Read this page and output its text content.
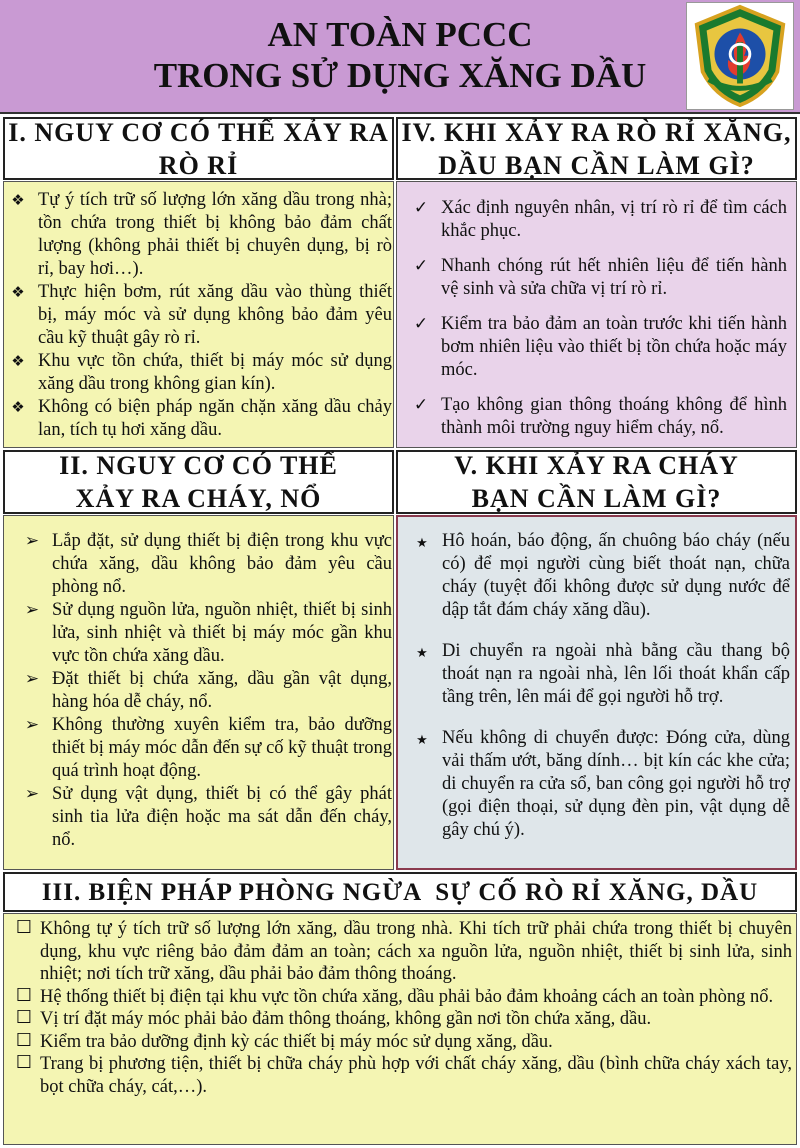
AN TOÀN PCCC
TRONG SỬ DỤNG XĂNG DẦU
I. NGUY CƠ CÓ THỂ XẢY RA
RÒ RỈ
❖ Tự ý tích trữ số lượng lớn xăng dầu trong nhà; tồn chứa trong thiết bị không bảo đảm chất lượng (không phải thiết bị chuyên dụng, bị rò rỉ, bay hơi…).
❖ Thực hiện bơm, rút xăng dầu vào thùng thiết bị, máy móc và sử dụng không bảo đảm yêu cầu kỹ thuật gây rò rỉ.
❖ Khu vực tồn chứa, thiết bị máy móc sử dụng xăng dầu trong không gian kín).
❖ Không có biện pháp ngăn chặn xăng dầu chảy lan, tích tụ hơi xăng dầu.
IV. KHI XẢY RA RÒ RỈ XĂNG,
DẦU BẠN CẦN LÀM GÌ?
✓ Xác định nguyên nhân, vị trí rò rỉ để tìm cách khắc phục.
✓ Nhanh chóng rút hết nhiên liệu để tiến hành vệ sinh và sửa chữa vị trí rò rỉ.
✓ Kiểm tra bảo đảm an toàn trước khi tiến hành bơm nhiên liệu vào thiết bị tồn chứa hoặc máy móc.
✓ Tạo không gian thông thoáng không để hình thành môi trường nguy hiểm cháy, nổ.
II. NGUY CƠ CÓ THỂ
XẢY RA CHÁY, NỔ
➢ Lắp đặt, sử dụng thiết bị điện trong khu vực chứa xăng, dầu không bảo đảm yêu cầu phòng nổ.
➢ Sử dụng nguồn lửa, nguồn nhiệt, thiết bị sinh lửa, sinh nhiệt và thiết bị máy móc gần khu vực tồn chứa xăng dầu.
➢ Đặt thiết bị chứa xăng, dầu gần vật dụng, hàng hóa dễ cháy, nổ.
➢ Không thường xuyên kiểm tra, bảo dưỡng thiết bị máy móc dẫn đến sự cố kỹ thuật trong quá trình hoạt động.
➢ Sử dụng vật dụng, thiết bị có thể gây phát sinh tia lửa điện hoặc ma sát dẫn đến cháy, nổ.
V. KHI XẢY RA CHÁY
BẠN CẦN LÀM GÌ?
★ Hô hoán, báo động, ấn chuông báo cháy (nếu có) để mọi người cùng biết thoát nạn, chữa cháy (tuyệt đối không được sử dụng nước để dập tắt đám cháy xăng dầu).
★ Di chuyển ra ngoài nhà bằng cầu thang bộ thoát nạn ra ngoài nhà, lên lối thoát khẩn cấp tầng trên, lên mái để gọi người hỗ trợ.
★ Nếu không di chuyển được: Đóng cửa, dùng vải thấm ướt, băng dính… bịt kín các khe cửa; di chuyển ra cửa sổ, ban công gọi người hỗ trợ (gọi điện thoại, sử dụng đèn pin, vật dụng dễ gây chú ý).
III. BIỆN PHÁP PHÒNG NGỪA  SỰ CỐ RÒ RỈ XĂNG, DẦU
☐ Không tự ý tích trữ số lượng lớn xăng, dầu trong nhà. Khi tích trữ phải chứa trong thiết bị chuyên dụng, khu vực riêng bảo đảm đảm an toàn; cách xa nguồn lửa, nguồn nhiệt, thiết bị sinh lửa, sinh nhiệt; nơi tích trữ xăng, dầu phải bảo đảm thông thoáng.
☐ Hệ thống thiết bị điện tại khu vực tồn chứa xăng, dầu phải bảo đảm khoảng cách an toàn phòng nổ.
☐ Vị trí đặt máy móc phải bảo đảm thông thoáng, không gần nơi tồn chứa xăng, dầu.
☐ Kiểm tra bảo dưỡng định kỳ các thiết bị máy móc sử dụng xăng, dầu.
☐ Trang bị phương tiện, thiết bị chữa cháy phù hợp với chất cháy xăng, dầu (bình chữa cháy xách tay, bọt chữa cháy, cát,…).
